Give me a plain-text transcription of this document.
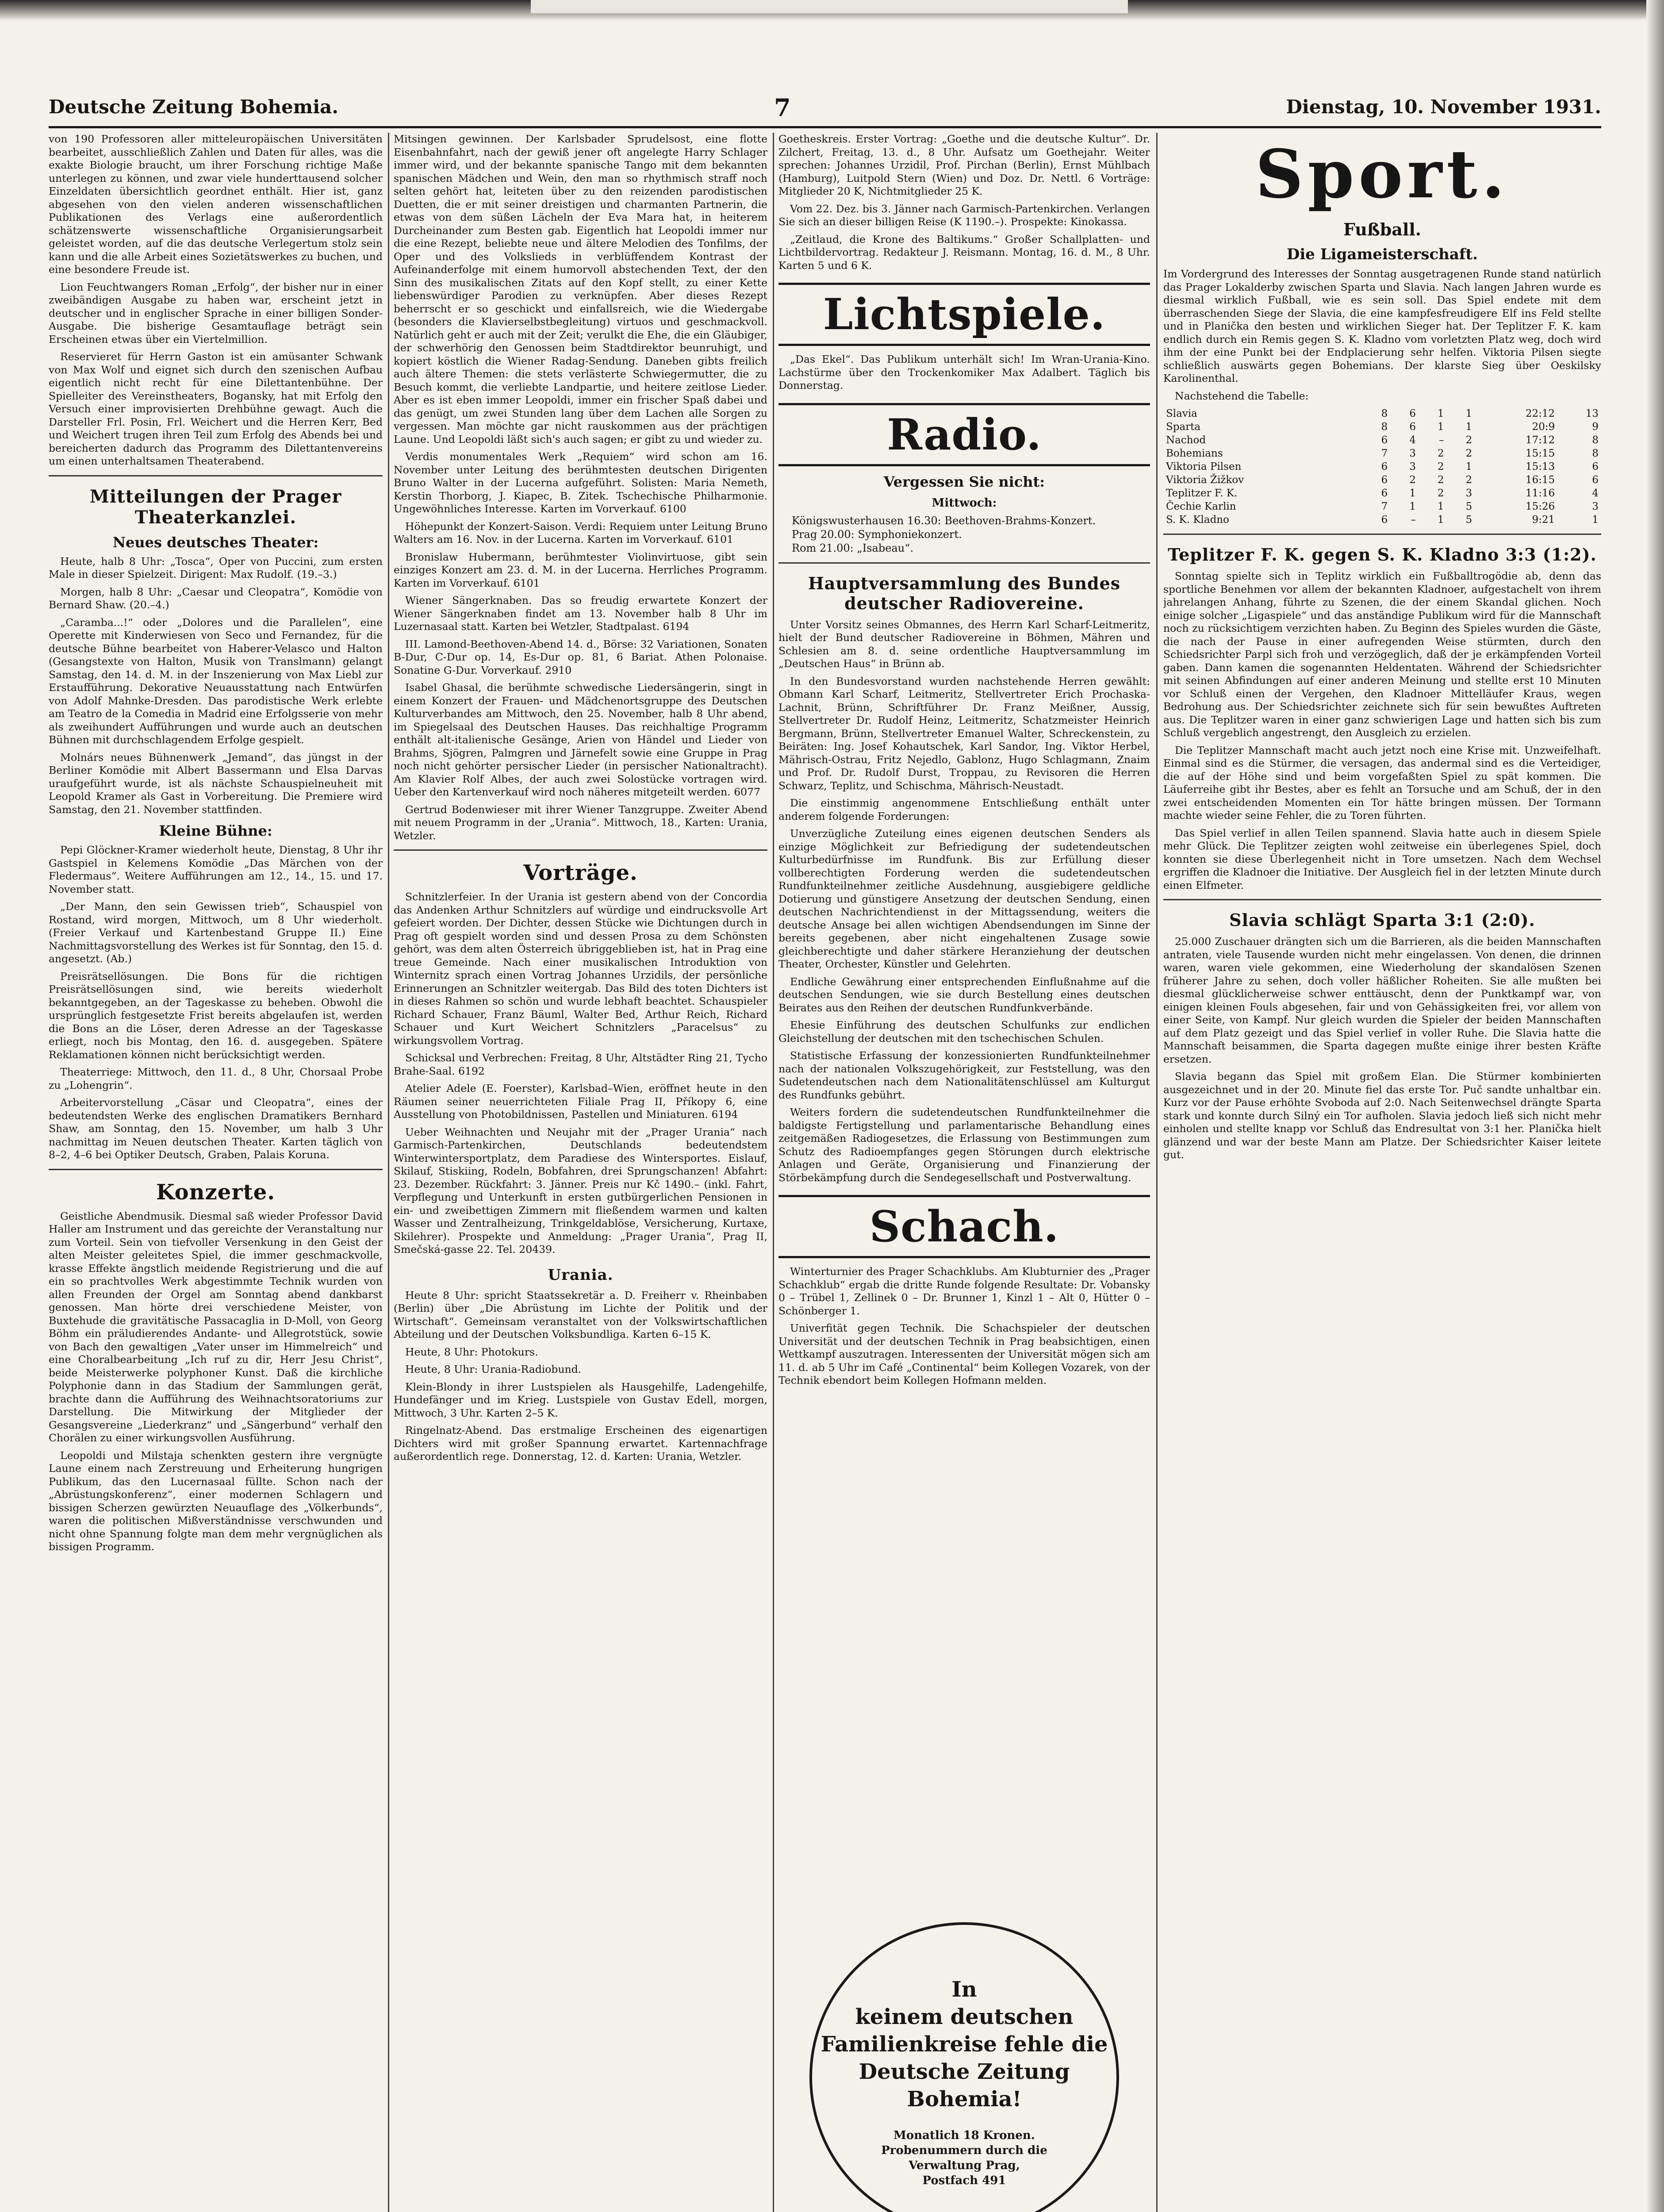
Deutsche Zeitung Bohemia.	7	Dienstag, 10. November 1931.

von 190 Professoren aller mitteleuropäischen Universitäten bearbeitet, ausschließlich Zahlen und Daten für alles, was die exakte Biologie braucht, um ihrer Forschung richtige Maße unterlegen zu können, und zwar viele hunderttausend solcher Einzeldaten übersichtlich geordnet enthält. Hier ist, ganz abgesehen von den vielen anderen wissenschaftlichen Publikationen des Verlags eine außerordentlich schätzenswerte wissenschaftliche Organisierungsarbeit geleistet worden, auf die das deutsche Verlegertum stolz sein kann und die alle Arbeit eines Sozietätswerkes zu buchen, und eine besondere Freude ist.

Lion Feuchtwangers Roman „Erfolg“, der bisher nur in einer zweibändigen Ausgabe zu haben war, erscheint jetzt in deutscher und in englischer Sprache in einer billigen Sonder-Ausgabe. Die bisherige Gesamtauflage beträgt sein Erscheinen etwas über ein Viertelmillion.

Reservieret für Herrn Gaston ist ein amüsanter Schwank von Max Wolf und eignet sich durch den szenischen Aufbau eigentlich nicht recht für eine Dilettantenbühne. Der Spielleiter des Vereinstheaters, Bogansky, hat mit Erfolg den Versuch einer improvisierten Drehbühne gewagt. Auch die Darsteller Frl. Posin, Frl. Weichert und die Herren Kerr, Bed und Weichert trugen ihren Teil zum Erfolg des Abends bei und bereicherten dadurch das Programm des Dilettantenvereins um einen unterhaltsamen Theaterabend.

Mitteilungen der Prager Theaterkanzlei.
Neues deutsches Theater:

Heute, halb 8 Uhr: „Tosca“, Oper von Puccini, zum ersten Male in dieser Spielzeit. Dirigent: Max Rudolf. (19.–3.)

Morgen, halb 8 Uhr: „Caesar und Cleopatra“, Komödie von Bernard Shaw. (20.–4.)

„Caramba...!“ oder „Dolores und die Parallelen“, eine Operette mit Kinderwiesen von Seco und Fernandez, für die deutsche Bühne bearbeitet von Haberer-Velasco und Halton (Gesangstexte von Halton, Musik von Translmann) gelangt Samstag, den 14. d. M. in der Inszenierung von Max Liebl zur Erstaufführung. Dekorative Neuausstattung nach Entwürfen von Adolf Mahnke-Dresden. Das parodistische Werk erlebte am Teatro de la Comedia in Madrid eine Erfolgsserie von mehr als zweihundert Aufführungen und wurde auch an deutschen Bühnen mit durchschlagendem Erfolge gespielt.

Molnárs neues Bühnenwerk „Jemand“, das jüngst in der Berliner Komödie mit Albert Bassermann und Elsa Darvas uraufgeführt wurde, ist als nächste Schauspielneuheit mit Leopold Kramer als Gast in Vorbereitung. Die Premiere wird Samstag, den 21. November stattfinden.

Kleine Bühne:

Pepi Glöckner-Kramer wiederholt heute, Dienstag, 8 Uhr ihr Gastspiel in Kelemens Komödie „Das Märchen von der Fledermaus“. Weitere Aufführungen am 12., 14., 15. und 17. November statt.

„Der Mann, den sein Gewissen trieb“, Schauspiel von Rostand, wird morgen, Mittwoch, um 8 Uhr wiederholt. (Freier Verkauf und Kartenbestand Gruppe II.) Eine Nachmittagsvorstellung des Werkes ist für Sonntag, den 15. d. angesetzt. (Ab.)

Preisrätsellösungen. Die Bons für die richtigen Preisrätsellösungen sind, wie bereits wiederholt bekanntgegeben, an der Tageskasse zu beheben. Obwohl die ursprünglich festgesetzte Frist bereits abgelaufen ist, werden die Bons an die Löser, deren Adresse an der Tageskasse erliegt, noch bis Montag, den 16. d. ausgegeben. Spätere Reklamationen können nicht berücksichtigt werden.

Theaterriege: Mittwoch, den 11. d., 8 Uhr, Chorsaal Probe zu „Lohengrin“.

Arbeitervorstellung „Cäsar und Cleopatra“, eines der bedeutendsten Werke des englischen Dramatikers Bernhard Shaw, am Sonntag, den 15. November, um halb 3 Uhr nachmittag im Neuen deutschen Theater. Karten täglich von 8–2, 4–6 bei Optiker Deutsch, Graben, Palais Koruna.

Konzerte.

Geistliche Abendmusik. Diesmal saß wieder Professor David Haller am Instrument und das gereichte der Veranstaltung nur zum Vorteil. Sein von tiefvoller Versenkung in den Geist der alten Meister geleitetes Spiel, die immer geschmackvolle, krasse Effekte ängstlich meidende Registrierung und die auf ein so prachtvolles Werk abgestimmte Technik wurden von allen Freunden der Orgel am Sonntag abend dankbarst genossen. Man hörte drei verschiedene Meister, von Buxtehude die gravitätische Passacaglia in D-Moll, von Georg Böhm ein präludierendes Andante- und Allegrotstück, sowie von Bach den gewaltigen „Vater unser im Himmelreich“ und eine Choralbearbeitung „Ich ruf zu dir, Herr Jesu Christ“, beide Meisterwerke polyphoner Kunst. Daß die kirchliche Polyphonie dann in das Stadium der Sammlungen gerät, brachte dann die Aufführung des Weihnachtsoratoriums zur Darstellung. Die Mitwirkung der Mitglieder der Gesangsvereine „Liederkranz“ und „Sängerbund“ verhalf den Chorälen zu einer wirkungsvollen Ausführung.

Leopoldi und Milstaja schenkten gestern ihre vergnügte Laune einem nach Zerstreuung und Erheiterung hungrigen Publikum, das den Lucernasaal füllte. Schon nach der „Abrüstungskonferenz“, einer modernen Schlagern und bissigen Scherzen gewürzten Neuauflage des „Völkerbunds“, waren die politischen Mißverständnisse verschwunden und nicht ohne Spannung folgte man dem mehr vergnüglichen als bissigen Programm.

Mitsingen gewinnen. Der Karlsbader Sprudelsost, eine flotte Eisenbahnfahrt, nach der gewiß jener oft angelegte Harry Schlager immer wird, und der bekannte spanische Tango mit dem bekannten spanischen Mädchen und Wein, den man so rhythmisch straff noch selten gehört hat, leiteten über zu den reizenden parodistischen Duetten, die er mit seiner dreistigen und charmanten Partnerin, die etwas von dem süßen Lächeln der Eva Mara hat, in heiterem Durcheinander zum Besten gab. Eigentlich hat Leopoldi immer nur die eine Rezept, beliebte neue und ältere Melodien des Tonfilms, der Oper und des Volkslieds in verblüffendem Kontrast der Aufeinanderfolge mit einem humorvoll abstechenden Text, der den Sinn des musikalischen Zitats auf den Kopf stellt, zu einer Kette liebenswürdiger Parodien zu verknüpfen. Aber dieses Rezept beherrscht er so geschickt und einfallsreich, wie die Wiedergabe (besonders die Klavierselbstbegleitung) virtuos und geschmackvoll. Natürlich geht er auch mit der Zeit; verulkt die Ehe, die ein Gläubiger, der schwerhörig den Genossen beim Stadtdirektor beunruhigt, und kopiert köstlich die Wiener Radag-Sendung. Daneben gibts freilich auch ältere Themen: die stets verlästerte Schwiegermutter, die zu Besuch kommt, die verliebte Landpartie, und heitere zeitlose Lieder. Aber es ist eben immer Leopoldi, immer ein frischer Spaß dabei und das genügt, um zwei Stunden lang über dem Lachen alle Sorgen zu vergessen. Man möchte gar nicht rauskommen aus der prächtigen Laune. Und Leopoldi läßt sich's auch sagen; er gibt zu und wieder zu.

Verdis monumentales Werk „Requiem“ wird schon am 16. November unter Leitung des berühmtesten deutschen Dirigenten Bruno Walter in der Lucerna aufgeführt. Solisten: Maria Nemeth, Kerstin Thorborg, J. Kiapec, B. Zitek. Tschechische Philharmonie. Ungewöhnliches Interesse. Karten im Vorverkauf. 6100

Höhepunkt der Konzert-Saison. Verdi: Requiem unter Leitung Bruno Walters am 16. Nov. in der Lucerna. Karten im Vorverkauf. 6101

Bronislaw Hubermann, berühmtester Violinvirtuose, gibt sein einziges Konzert am 23. d. M. in der Lucerna. Herrliches Programm. Karten im Vorverkauf. 6101

Wiener Sängerknaben. Das so freudig erwartete Konzert der Wiener Sängerknaben findet am 13. November halb 8 Uhr im Luzernasaal statt. Karten bei Wetzler, Stadtpalast. 6194

III. Lamond-Beethoven-Abend 14. d., Börse: 32 Variationen, Sonaten B-Dur, C-Dur op. 14, Es-Dur op. 81, 6 Bariat. Athen Polonaise. Sonatine G-Dur. Vorverkauf. 2910

Isabel Ghasal, die berühmte schwedische Liedersängerin, singt in einem Konzert der Frauen- und Mädchenortsgruppe des Deutschen Kulturverbandes am Mittwoch, den 25. November, halb 8 Uhr abend, im Spiegelsaal des Deutschen Hauses. Das reichhaltige Programm enthält alt-italienische Gesänge, Arien von Händel und Lieder von Brahms, Sjögren, Palmgren und Järnefelt sowie eine Gruppe in Prag noch nicht gehörter persischer Lieder (in persischer Nationaltracht). Am Klavier Rolf Albes, der auch zwei Solostücke vortragen wird. Ueber den Kartenverkauf wird noch näheres mitgeteilt werden. 6077

Gertrud Bodenwieser mit ihrer Wiener Tanzgruppe. Zweiter Abend mit neuem Programm in der „Urania“. Mittwoch, 18., Karten: Urania, Wetzler.

Vorträge.

Schnitzlerfeier. In der Urania ist gestern abend von der Concordia das Andenken Arthur Schnitzlers auf würdige und eindrucksvolle Art gefeiert worden. Der Dichter, dessen Stücke wie Dichtungen durch in Prag oft gespielt worden sind und dessen Prosa zu dem Schönsten gehört, was dem alten Österreich übriggeblieben ist, hat in Prag eine treue Gemeinde. Nach einer musikalischen Introduktion von Winternitz sprach einen Vortrag Johannes Urzidils, der persönliche Erinnerungen an Schnitzler weitergab. Das Bild des toten Dichters ist in dieses Rahmen so schön und wurde lebhaft beachtet. Schauspieler Richard Schauer, Franz Bäuml, Walter Bed, Arthur Reich, Richard Schauer und Kurt Weichert Schnitzlers „Paracelsus“ zu wirkungsvollem Vortrag.

Schicksal und Verbrechen: Freitag, 8 Uhr, Altstädter Ring 21, Tycho Brahe-Saal. 6192

Atelier Adele (E. Foerster), Karlsbad–Wien, eröffnet heute in den Räumen seiner neuerrichteten Filiale Prag II, Příkopy 6, eine Ausstellung von Photobildnissen, Pastellen und Miniaturen. 6194

Ueber Weihnachten und Neujahr mit der „Prager Urania“ nach Garmisch-Partenkirchen, Deutschlands bedeutendstem Winterwintersportplatz, dem Paradiese des Wintersportes. Eislauf, Skilauf, Stiskiing, Rodeln, Bobfahren, drei Sprungschanzen! Abfahrt: 23. Dezember. Rückfahrt: 3. Jänner. Preis nur Kč 1490.– (inkl. Fahrt, Verpflegung und Unterkunft in ersten gutbürgerlichen Pensionen in ein- und zweibettigen Zimmern mit fließendem warmen und kalten Wasser und Zentralheizung, Trinkgeldablöse, Versicherung, Kurtaxe, Skilehrer). Prospekte und Anmeldung: „Prager Urania“, Prag II, Smečská-gasse 22. Tel. 20439.

Urania.

Heute 8 Uhr: spricht Staatssekretär a. D. Freiherr v. Rheinbaben (Berlin) über „Die Abrüstung im Lichte der Politik und der Wirtschaft“. Gemeinsam veranstaltet von der Volkswirtschaftlichen Abteilung und der Deutschen Volksbundliga. Karten 6–15 K.

Heute, 8 Uhr: Photokurs.

Heute, 8 Uhr: Urania-Radiobund.

Klein-Blondy in ihrer Lustspielen als Hausgehilfe, Ladengehilfe, Hundefänger und im Krieg. Lustspiele von Gustav Edell, morgen, Mittwoch, 3 Uhr. Karten 2–5 K.

Ringelnatz-Abend. Das erstmalige Erscheinen des eigenartigen Dichters wird mit großer Spannung erwartet. Kartennachfrage außerordentlich rege. Donnerstag, 12. d. Karten: Urania, Wetzler.

Goetheskreis. Erster Vortrag: „Goethe und die deutsche Kultur“. Dr. Zilchert, Freitag, 13. d., 8 Uhr. Aufsatz um Goethejahr. Weiter sprechen: Johannes Urzidil, Prof. Pirchan (Berlin), Ernst Mühlbach (Hamburg), Luitpold Stern (Wien) und Doz. Dr. Nettl. 6 Vorträge: Mitglieder 20 K, Nichtmitglieder 25 K.

Vom 22. Dez. bis 3. Jänner nach Garmisch-Partenkirchen. Verlangen Sie sich an dieser billigen Reise (K 1190.–). Prospekte: Kinokassa.

„Zeitlaud, die Krone des Baltikums.“ Großer Schallplatten- und Lichtbildervortrag. Redakteur J. Reismann. Montag, 16. d. M., 8 Uhr. Karten 5 und 6 K.

Lichtspiele.

„Das Ekel“. Das Publikum unterhält sich! Im Wran-Urania-Kino. Lachstürme über den Trockenkomiker Max Adalbert. Täglich bis Donnerstag.

Radio.
Vergessen Sie nicht:
Mittwoch:
Königswusterhausen 16.30: Beethoven-Brahms-Konzert.
Prag 20.00: Symphoniekonzert.
Rom 21.00: „Isabeau“.
Hauptversammlung des Bundes deutscher Radiovereine.

Unter Vorsitz seines Obmannes, des Herrn Karl Scharf-Leitmeritz, hielt der Bund deutscher Radiovereine in Böhmen, Mähren und Schlesien am 8. d. seine ordentliche Hauptversammlung im „Deutschen Haus“ in Brünn ab.

In den Bundesvorstand wurden nachstehende Herren gewählt: Obmann Karl Scharf, Leitmeritz, Stellvertreter Erich Prochaska-Lachnit, Brünn, Schriftführer Dr. Franz Meißner, Aussig, Stellvertreter Dr. Rudolf Heinz, Leitmeritz, Schatzmeister Heinrich Bergmann, Brünn, Stellvertreter Emanuel Walter, Schreckenstein, zu Beiräten: Ing. Josef Kohautschek, Karl Sandor, Ing. Viktor Herbel, Mährisch-Ostrau, Fritz Nejedlo, Gablonz, Hugo Schlagmann, Znaim und Prof. Dr. Rudolf Durst, Troppau, zu Revisoren die Herren Schwarz, Teplitz, und Schischma, Mährisch-Neustadt.

Die einstimmig angenommene Entschließung enthält unter anderem folgende Forderungen:

Unverzügliche Zuteilung eines eigenen deutschen Senders als einzige Möglichkeit zur Befriedigung der sudetendeutschen Kulturbedürfnisse im Rundfunk. Bis zur Erfüllung dieser vollberechtigten Forderung werden die sudetendeutschen Rundfunkteilnehmer zeitliche Ausdehnung, ausgiebigere geldliche Dotierung und günstigere Ansetzung der deutschen Sendung, einen deutschen Nachrichtendienst in der Mittagssendung, weiters die deutsche Ansage bei allen wichtigen Abendsendungen im Sinne der bereits gegebenen, aber nicht eingehaltenen Zusage sowie gleichberechtigte und daher stärkere Heranziehung der deutschen Theater, Orchester, Künstler und Gelehrten.

Endliche Gewährung einer entsprechenden Einflußnahme auf die deutschen Sendungen, wie sie durch Bestellung eines deutschen Beirates aus den Reihen der deutschen Rundfunkverbände.

Ehesie Einführung des deutschen Schulfunks zur endlichen Gleichstellung der deutschen mit den tschechischen Schulen.

Statistische Erfassung der konzessionierten Rundfunkteilnehmer nach der nationalen Volkszugehörigkeit, zur Feststellung, was den Sudetendeutschen nach dem Nationalitätenschlüssel am Kulturgut des Rundfunks gebührt.

Weiters fordern die sudetendeutschen Rundfunkteilnehmer die baldigste Fertigstellung und parlamentarische Behandlung eines zeitgemäßen Radiogesetzes, die Erlassung von Bestimmungen zum Schutz des Radioempfanges gegen Störungen durch elektrische Anlagen und Geräte, Organisierung und Finanzierung der Störbekämpfung durch die Sendegesellschaft und Postverwaltung.

Schach.

Winterturnier des Prager Schachklubs. Am Klubturnier des „Prager Schachklub“ ergab die dritte Runde folgende Resultate: Dr. Vobansky 0 – Trübel 1, Zellinek 0 – Dr. Brunner 1, Kinzl 1 – Alt 0, Hütter 0 – Schönberger 1.

Univerfität gegen Technik. Die Schachspieler der deutschen Universität und der deutschen Technik in Prag beabsichtigen, einen Wettkampf auszutragen. Interessenten der Universität mögen sich am 11. d. ab 5 Uhr im Café „Continental“ beim Kollegen Vozarek, von der Technik ebendort beim Kollegen Hofmann melden.

In
keinem deutschen
Familienkreise fehle die
Deutsche Zeitung Bohemia!
Monatlich 18 Kronen.
Probenummern durch die
Verwaltung Prag,
Postfach 491
Sport.
Fußball.
Die Ligameisterschaft.

Im Vordergrund des Interesses der Sonntag ausgetragenen Runde stand natürlich das Prager Lokalderby zwischen Sparta und Slavia. Nach langen Jahren wurde es diesmal wirklich Fußball, wie es sein soll. Das Spiel endete mit dem überraschenden Siege der Slavia, die eine kampfesfreudigere Elf ins Feld stellte und in Planička den besten und wirklichen Sieger hat. Der Teplitzer F. K. kam endlich durch ein Remis gegen S. K. Kladno vom vorletzten Platz weg, doch wird ihm der eine Punkt bei der Endplacierung sehr helfen. Viktoria Pilsen siegte schließlich auswärts gegen Bohemians. Der klarste Sieg über Oeskilsky Karolinenthal.

Nachstehend die Tabelle:

Slavia	8	6	1	1	22:12	13
Sparta	8	6	1	1	20:9	9
Nachod	6	4	–	2	17:12	8
Bohemians	7	3	2	2	15:15	8
Viktoria Pilsen	6	3	2	1	15:13	6
Viktoria Žižkov	6	2	2	2	16:15	6
Teplitzer F. K.	6	1	2	3	11:16	4
Čechie Karlin	7	1	1	5	15:26	3
S. K. Kladno	6	–	1	5	9:21	1
Teplitzer F. K. gegen S. K. Kladno 3:3 (1:2).

Sonntag spielte sich in Teplitz wirklich ein Fußballtrogödie ab, denn das sportliche Benehmen vor allem der bekannten Kladnoer, aufgestachelt von ihrem jahrelangen Anhang, führte zu Szenen, die der einem Skandal glichen. Noch einige solcher „Ligaspiele“ und das anständige Publikum wird für die Mannschaft noch zu rücksichtigem verzichten haben. Zu Beginn des Spieles wurden die Gäste, die nach der Pause in einer aufregenden Weise stürmten, durch den Schiedsrichter Parpl sich froh und verzögeglich, daß der je erkämpfenden Vorteil gaben. Dann kamen die sogenannten Heldentaten. Während der Schiedsrichter mit seinen Abfindungen auf einer anderen Meinung und stellte erst 10 Minuten vor Schluß einen der Vergehen, den Kladnoer Mittelläufer Kraus, wegen Bedrohung aus. Der Schiedsrichter zeichnete sich für sein bewußtes Auftreten aus. Die Teplitzer waren in einer ganz schwierigen Lage und hatten sich bis zum Schluß vergeblich angestrengt, den Ausgleich zu erzielen.

Die Teplitzer Mannschaft macht auch jetzt noch eine Krise mit. Unzweifelhaft. Einmal sind es die Stürmer, die versagen, das andermal sind es die Verteidiger, die auf der Höhe sind und beim vorgefaßten Spiel zu spät kommen. Die Läuferreihe gibt ihr Bestes, aber es fehlt an Torsuche und am Schuß, der in den zwei entscheidenden Momenten ein Tor hätte bringen müssen. Der Tormann machte wieder seine Fehler, die zu Toren führten.

Das Spiel verlief in allen Teilen spannend. Slavia hatte auch in diesem Spiele mehr Glück. Die Teplitzer zeigten wohl zeitweise ein überlegenes Spiel, doch konnten sie diese Überlegenheit nicht in Tore umsetzen. Nach dem Wechsel ergriffen die Kladnoer die Initiative. Der Ausgleich fiel in der letzten Minute durch einen Elfmeter.

Slavia schlägt Sparta 3:1 (2:0).

25.000 Zuschauer drängten sich um die Barrieren, als die beiden Mannschaften antraten, viele Tausende wurden nicht mehr eingelassen. Von denen, die drinnen waren, waren viele gekommen, eine Wiederholung der skandalösen Szenen früherer Jahre zu sehen, doch voller häßlicher Roheiten. Sie alle mußten bei diesmal glücklicherweise schwer enttäuscht, denn der Punktkampf war, von einigen kleinen Fouls abgesehen, fair und von Gehässigkeiten frei, vor allem von einer Seite, von Kampf. Nur gleich wurden die Spieler der beiden Mannschaften auf dem Platz gezeigt und das Spiel verlief in voller Ruhe. Die Slavia hatte die Mannschaft beisammen, die Sparta dagegen mußte einige ihrer besten Kräfte ersetzen.

Slavia begann das Spiel mit großem Elan. Die Stürmer kombinierten ausgezeichnet und in der 20. Minute fiel das erste Tor. Puč sandte unhaltbar ein. Kurz vor der Pause erhöhte Svoboda auf 2:0. Nach Seitenwechsel drängte Sparta stark und konnte durch Silný ein Tor aufholen. Slavia jedoch ließ sich nicht mehr einholen und stellte knapp vor Schluß das Endresultat von 3:1 her. Planička hielt glänzend und war der beste Mann am Platze. Der Schiedsrichter Kaiser leitete gut.
